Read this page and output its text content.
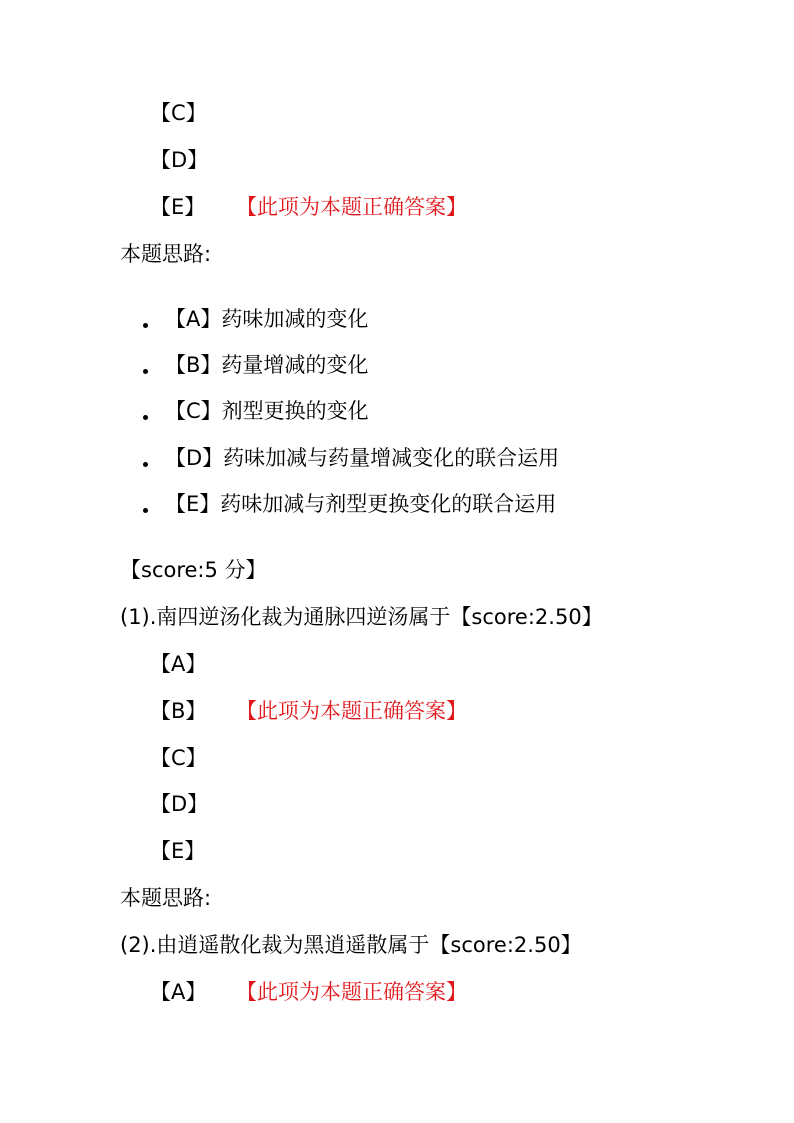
【C】
【D】
【E】 【此项为本题正确答案】
本题思路:
【A】药味加减的变化
【B】药量增减的变化
【C】剂型更换的变化
【D】药味加减与药量增减变化的联合运用
【E】药味加减与剂型更换变化的联合运用
【score:5 分】
(1).南四逆汤化裁为通脉四逆汤属于【score:2.50】
【A】
【B】 【此项为本题正确答案】
【C】
【D】
【E】
本题思路:
(2).由逍遥散化裁为黑逍遥散属于【score:2.50】
【A】 【此项为本题正确答案】
